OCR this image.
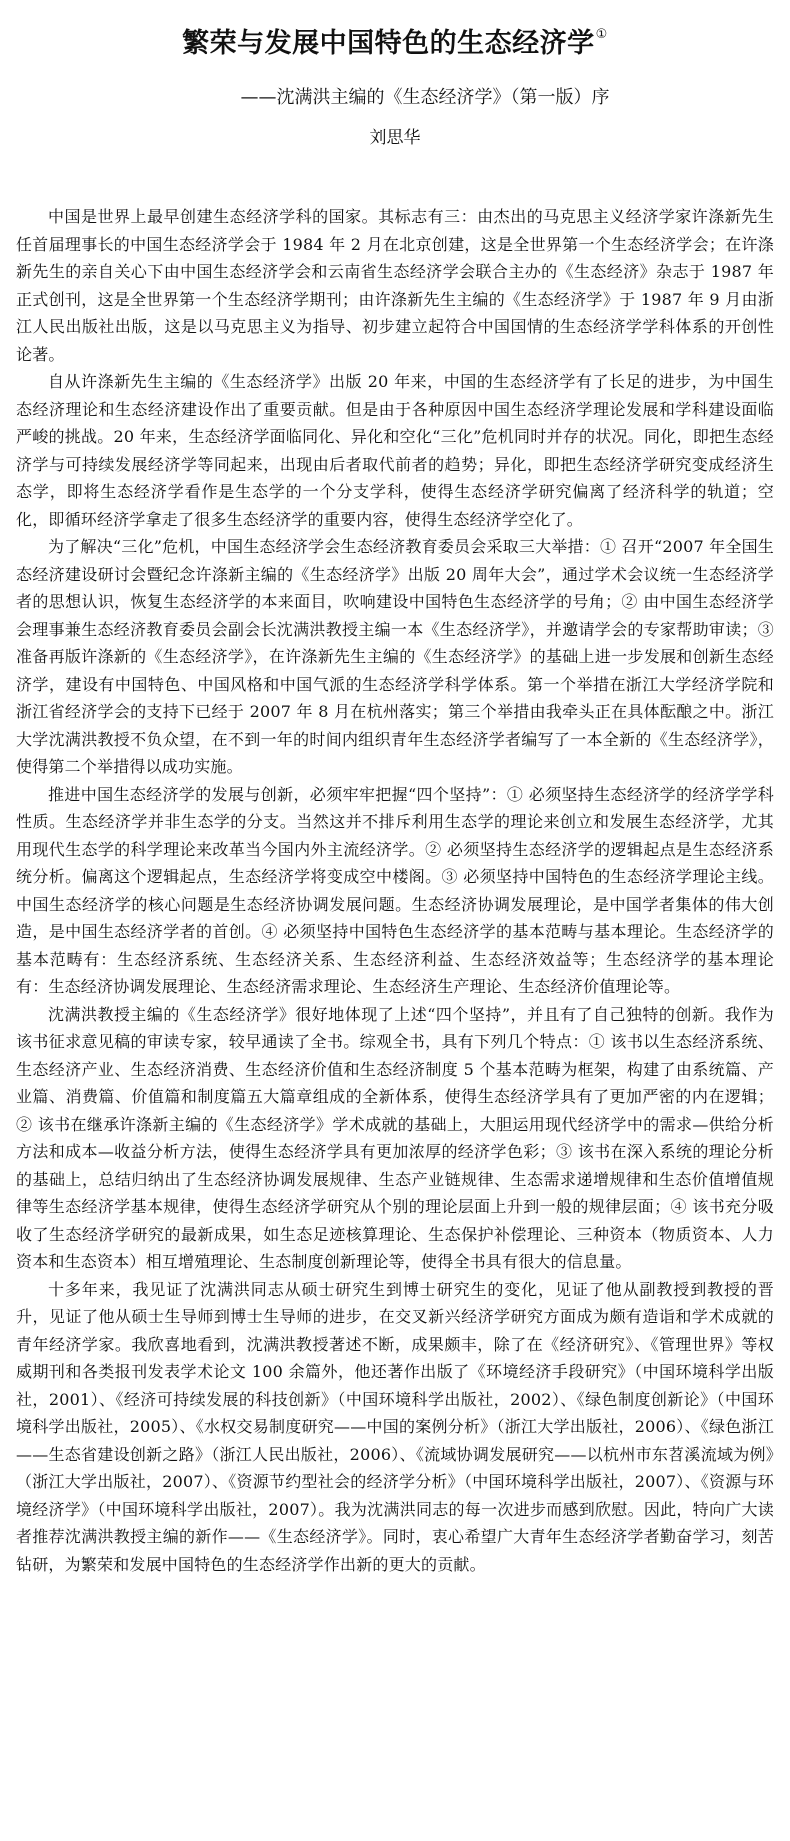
繁荣与发展中国特色的生态经济学①
——沈满洪主编的《生态经济学》（第一版）序
刘思华

中国是世界上最早创建生态经济学科的国家。其标志有三：由杰出的马克思主义经济学家许涤新先生任首届理事长的中国生态经济学会于 1984 年 2 月在北京创建，这是全世界第一个生态经济学会；在许涤新先生的亲自关心下由中国生态经济学会和云南省生态经济学会联合主办的《生态经济》杂志于 1987 年正式创刊，这是全世界第一个生态经济学期刊；由许涤新先生主编的《生态经济学》于 1987 年 9 月由浙江人民出版社出版，这是以马克思主义为指导、初步建立起符合中国国情的生态经济学学科体系的开创性论著。

自从许涤新先生主编的《生态经济学》出版 20 年来，中国的生态经济学有了长足的进步，为中国生态经济理论和生态经济建设作出了重要贡献。但是由于各种原因中国生态经济学理论发展和学科建设面临严峻的挑战。20 年来，生态经济学面临同化、异化和空化“三化”危机同时并存的状况。同化，即把生态经济学与可持续发展经济学等同起来，出现由后者取代前者的趋势；异化，即把生态经济学研究变成经济生态学，即将生态经济学看作是生态学的一个分支学科，使得生态经济学研究偏离了经济科学的轨道；空化，即循环经济学拿走了很多生态经济学的重要内容，使得生态经济学空化了。

为了解决“三化”危机，中国生态经济学会生态经济教育委员会采取三大举措：① 召开“2007 年全国生态经济建设研讨会暨纪念许涤新主编的《生态经济学》出版 20 周年大会”，通过学术会议统一生态经济学者的思想认识，恢复生态经济学的本来面目，吹响建设中国特色生态经济学的号角；② 由中国生态经济学会理事兼生态经济教育委员会副会长沈满洪教授主编一本《生态经济学》，并邀请学会的专家帮助审读；③ 准备再版许涤新的《生态经济学》，在许涤新先生主编的《生态经济学》的基础上进一步发展和创新生态经济学，建设有中国特色、中国风格和中国气派的生态经济学科学体系。第一个举措在浙江大学经济学院和浙江省经济学会的支持下已经于 2007 年 8 月在杭州落实；第三个举措由我牵头正在具体酝酿之中。浙江大学沈满洪教授不负众望，在不到一年的时间内组织青年生态经济学者编写了一本全新的《生态经济学》，使得第二个举措得以成功实施。

推进中国生态经济学的发展与创新，必须牢牢把握“四个坚持”：① 必须坚持生态经济学的经济学学科性质。生态经济学并非生态学的分支。当然这并不排斥利用生态学的理论来创立和发展生态经济学，尤其用现代生态学的科学理论来改革当今国内外主流经济学。② 必须坚持生态经济学的逻辑起点是生态经济系统分析。偏离这个逻辑起点，生态经济学将变成空中楼阁。③ 必须坚持中国特色的生态经济学理论主线。中国生态经济学的核心问题是生态经济协调发展问题。生态经济协调发展理论，是中国学者集体的伟大创造，是中国生态经济学者的首创。④ 必须坚持中国特色生态经济学的基本范畴与基本理论。生态经济学的基本范畴有：生态经济系统、生态经济关系、生态经济利益、生态经济效益等；生态经济学的基本理论有：生态经济协调发展理论、生态经济需求理论、生态经济生产理论、生态经济价值理论等。

沈满洪教授主编的《生态经济学》很好地体现了上述“四个坚持”，并且有了自己独特的创新。我作为该书征求意见稿的审读专家，较早通读了全书。综观全书，具有下列几个特点：① 该书以生态经济系统、生态经济产业、生态经济消费、生态经济价值和生态经济制度 5 个基本范畴为框架，构建了由系统篇、产业篇、消费篇、价值篇和制度篇五大篇章组成的全新体系，使得生态经济学具有了更加严密的内在逻辑；② 该书在继承许涤新主编的《生态经济学》学术成就的基础上，大胆运用现代经济学中的需求—供给分析方法和成本—收益分析方法，使得生态经济学具有更加浓厚的经济学色彩；③ 该书在深入系统的理论分析的基础上，总结归纳出了生态经济协调发展规律、生态产业链规律、生态需求递增规律和生态价值增值规律等生态经济学基本规律，使得生态经济学研究从个别的理论层面上升到一般的规律层面；④ 该书充分吸收了生态经济学研究的最新成果，如生态足迹核算理论、生态保护补偿理论、三种资本（物质资本、人力资本和生态资本）相互增殖理论、生态制度创新理论等，使得全书具有很大的信息量。

十多年来，我见证了沈满洪同志从硕士研究生到博士研究生的变化，见证了他从副教授到教授的晋升，见证了他从硕士生导师到博士生导师的进步，在交叉新兴经济学研究方面成为颇有造诣和学术成就的青年经济学家。我欣喜地看到，沈满洪教授著述不断，成果颇丰，除了在《经济研究》、《管理世界》等权威期刊和各类报刊发表学术论文 100 余篇外，他还著作出版了《环境经济手段研究》（中国环境科学出版社，2001）、《经济可持续发展的科技创新》（中国环境科学出版社，2002）、《绿色制度创新论》（中国环境科学出版社，2005）、《水权交易制度研究——中国的案例分析》（浙江大学出版社，2006）、《绿色浙江——生态省建设创新之路》（浙江人民出版社，2006）、《流域协调发展研究——以杭州市东苕溪流域为例》（浙江大学出版社，2007）、《资源节约型社会的经济学分析》（中国环境科学出版社，2007）、《资源与环境经济学》（中国环境科学出版社，2007）。我为沈满洪同志的每一次进步而感到欣慰。因此，特向广大读者推荐沈满洪教授主编的新作——《生态经济学》。同时，衷心希望广大青年生态经济学者勤奋学习，刻苦钻研，为繁荣和发展中国特色的生态经济学作出新的更大的贡献。
